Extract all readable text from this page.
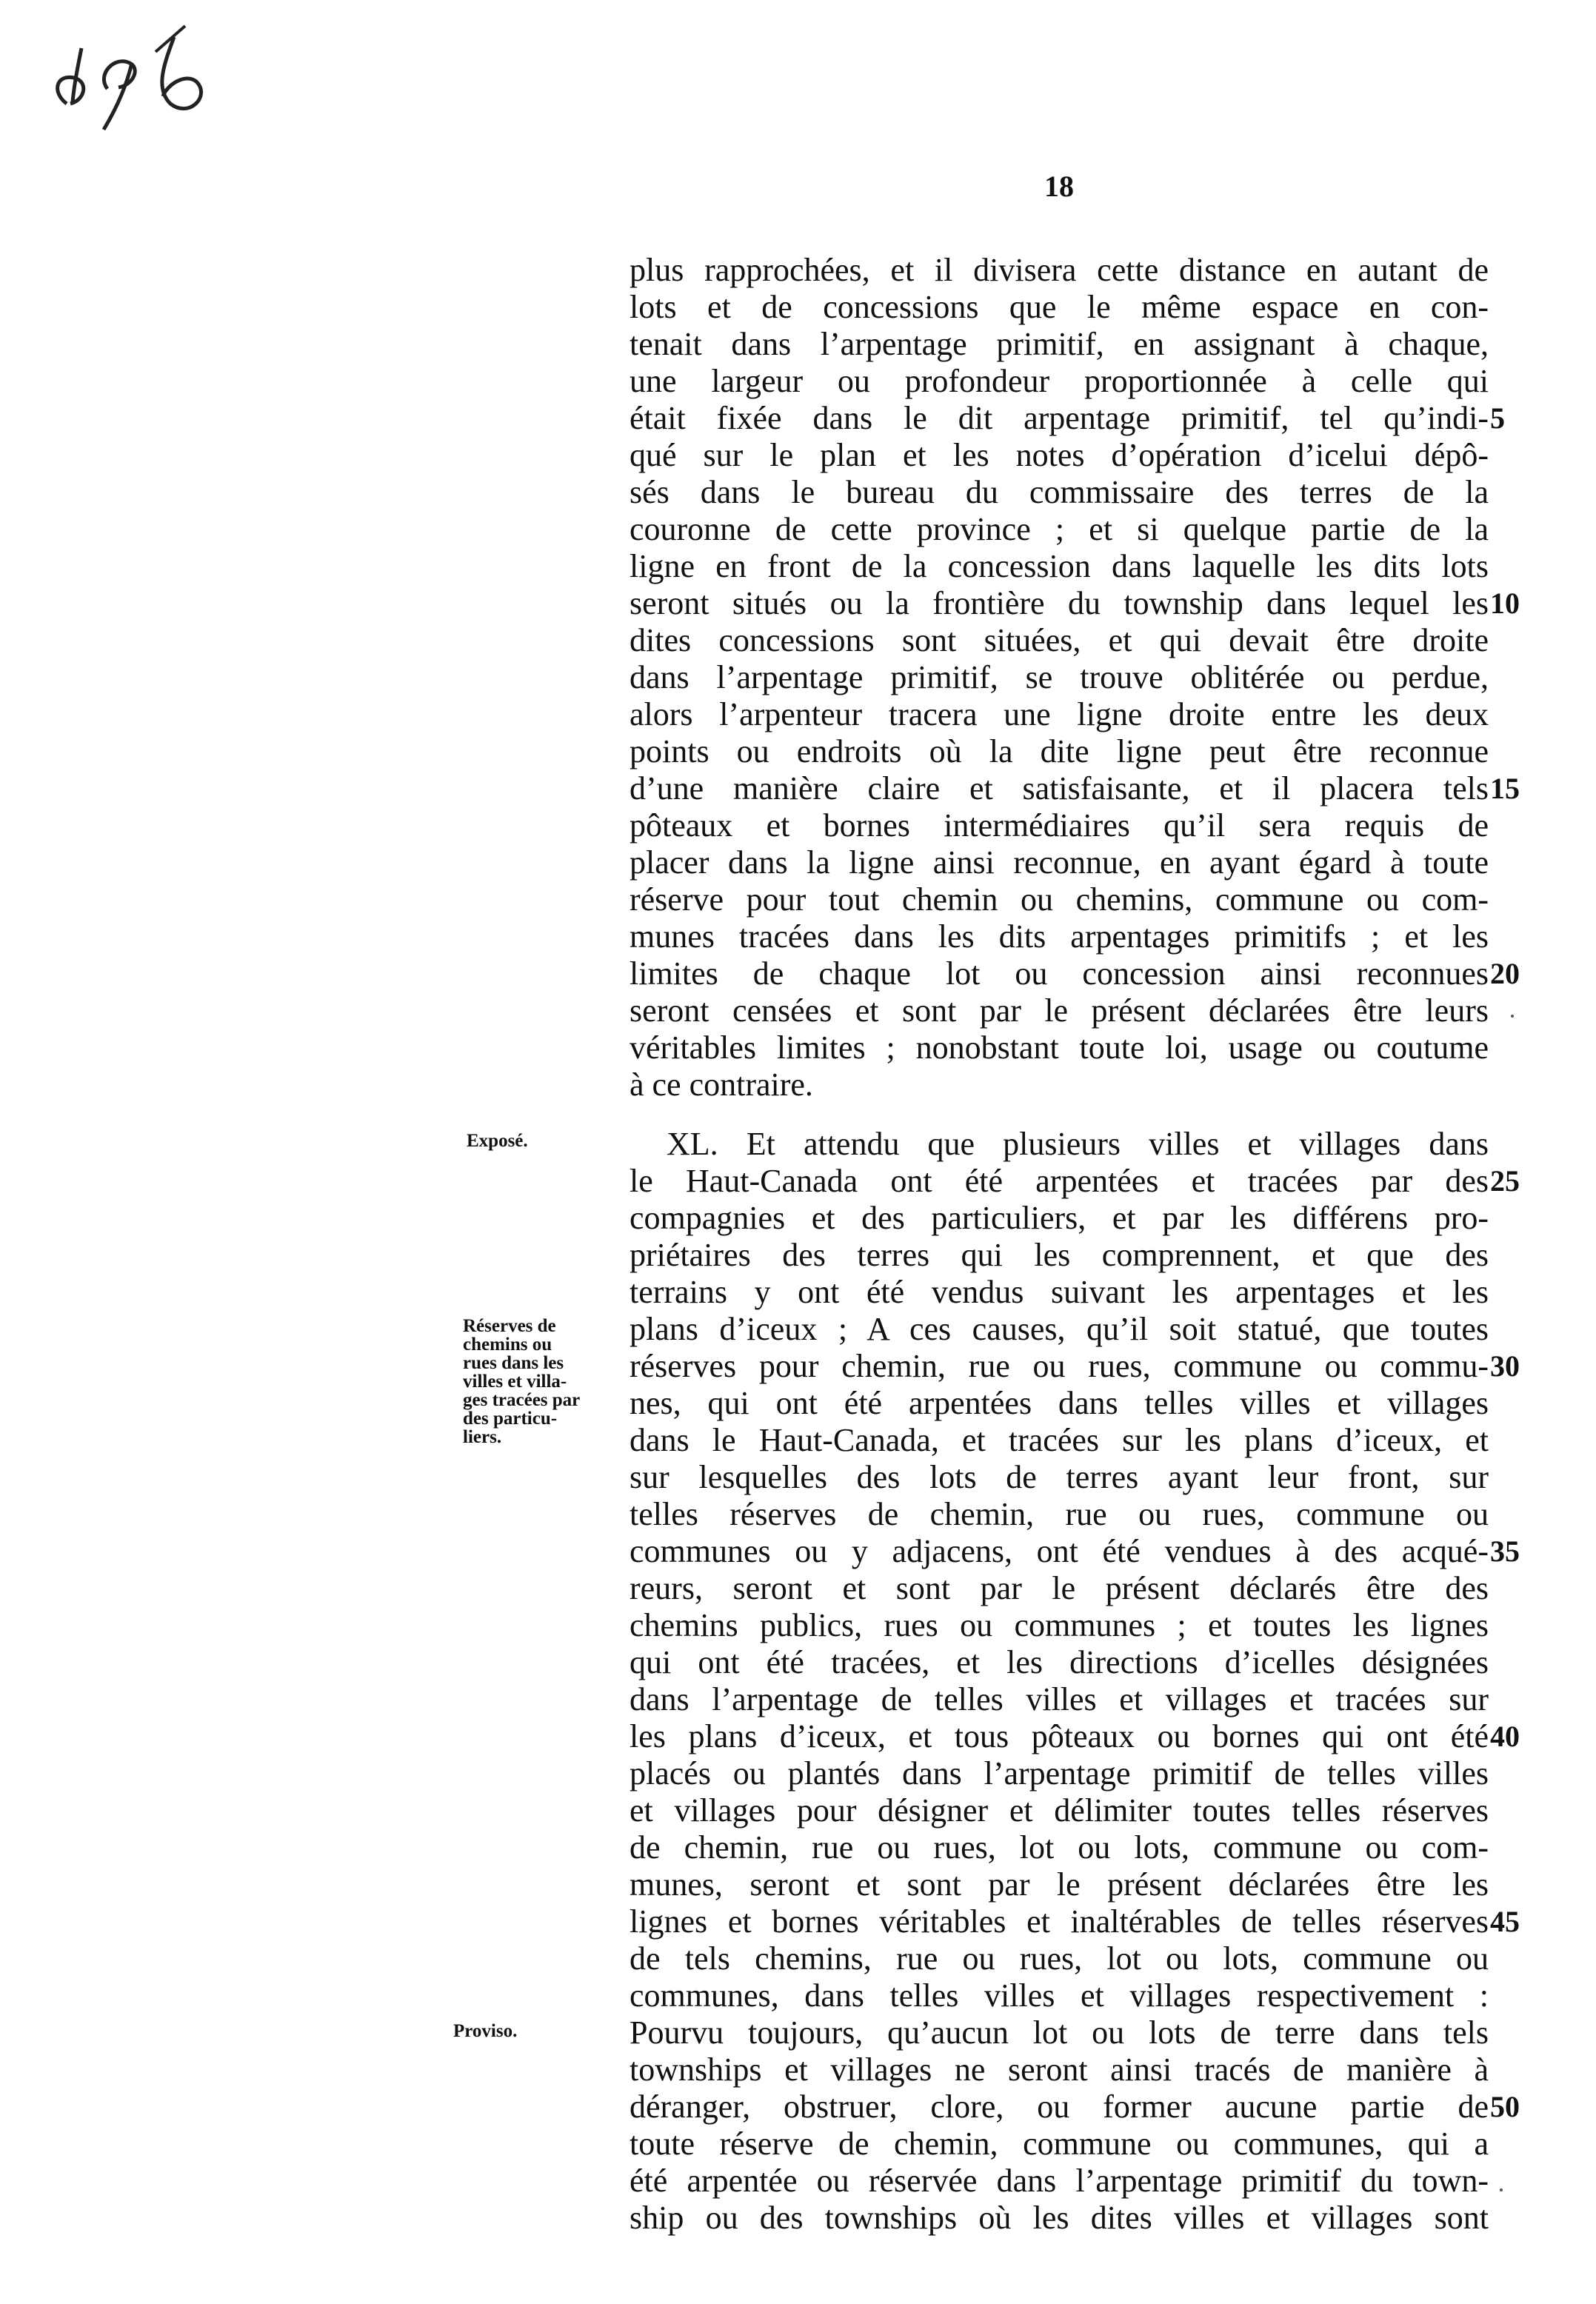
18
plus rapprochées, et il divisera cette distance en autant de
lots et de concessions que le même espace en con-
tenait dans l’arpentage primitif, en assignant à chaque,
une largeur ou profondeur proportionnée à celle qui
était fixée dans le dit arpentage primitif, tel qu’indi-
qué sur le plan et les notes d’opération d’icelui dépô-
sés dans le bureau du commissaire des terres de la
couronne de cette province ; et si quelque partie de la
ligne en front de la concession dans laquelle les dits lots
seront situés ou la frontière du township dans lequel les
dites concessions sont situées, et qui devait être droite
dans l’arpentage primitif, se trouve oblitérée ou perdue,
alors l’arpenteur tracera une ligne droite entre les deux
points ou endroits où la dite ligne peut être reconnue
d’une manière claire et satisfaisante, et il placera tels
pôteaux et bornes intermédiaires qu’il sera requis de
placer dans la ligne ainsi reconnue, en ayant égard à toute
réserve pour tout chemin ou chemins, commune ou com-
munes tracées dans les dits arpentages primitifs ; et les
limites de chaque lot ou concession ainsi reconnues
seront censées et sont par le présent déclarées être leurs
véritables limites ; nonobstant toute loi, usage ou coutume
à ce contraire.
XL. Et attendu que plusieurs villes et villages dans
le Haut-Canada ont été arpentées et tracées par des
compagnies et des particuliers, et par les différens pro-
priétaires des terres qui les comprennent, et que des
terrains y ont été vendus suivant les arpentages et les
plans d’iceux ; A ces causes, qu’il soit statué, que toutes
réserves pour chemin, rue ou rues, commune ou commu-
nes, qui ont été arpentées dans telles villes et villages
dans le Haut-Canada, et tracées sur les plans d’iceux, et
sur lesquelles des lots de terres ayant leur front, sur
telles réserves de chemin, rue ou rues, commune ou
communes ou y adjacens, ont été vendues à des acqué-
reurs, seront et sont par le présent déclarés être des
chemins publics, rues ou communes ; et toutes les lignes
qui ont été tracées, et les directions d’icelles désignées
dans l’arpentage de telles villes et villages et tracées sur
les plans d’iceux, et tous pôteaux ou bornes qui ont été
placés ou plantés dans l’arpentage primitif de telles villes
et villages pour désigner et délimiter toutes telles réserves
de chemin, rue ou rues, lot ou lots, commune ou com-
munes, seront et sont par le présent déclarées être les
lignes et bornes véritables et inaltérables de telles réserves
de tels chemins, rue ou rues, lot ou lots, commune ou
communes, dans telles villes et villages respectivement :
Pourvu toujours, qu’aucun lot ou lots de terre dans tels
townships et villages ne seront ainsi tracés de manière à
déranger, obstruer, clore, ou former aucune partie de
toute réserve de chemin, commune ou communes, qui a
été arpentée ou réservée dans l’arpentage primitif du town-
ship ou des townships où les dites villes et villages sont
5
10
15
20
25
30
35
40
45
50
Exposé.
Réserves de
chemins ou
rues dans les
villes et villa-
ges tracées par
des particu-
liers.
Proviso.
